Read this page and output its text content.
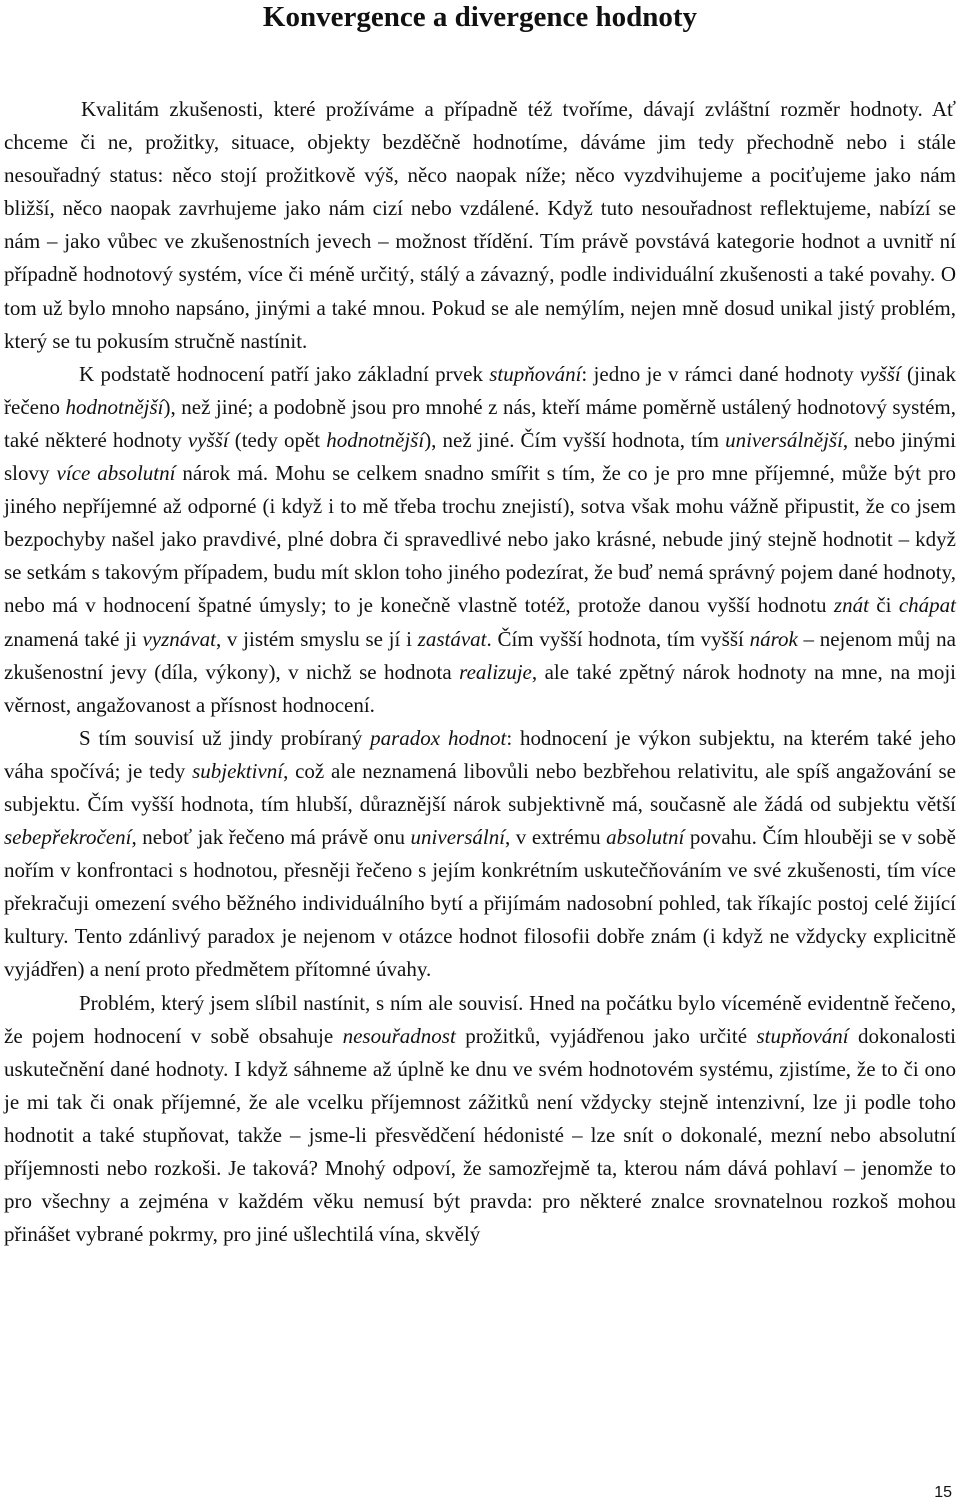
Konvergence a divergence hodnoty

Kvalitám zkušenosti, které prožíváme a případně též tvoříme, dávají zvláštní rozměr hodnoty. Ať chceme či ne, prožitky, situace, objekty bezděčně hodnotíme, dáváme jim tedy přechodně nebo i stále nesouřadný status: něco stojí prožitkově výš, něco naopak níže; něco vyzdvihujeme a pociťujeme jako nám bližší, něco naopak zavrhujeme jako nám cizí nebo vzdálené. Když tuto nesouřadnost reflektujeme, nabízí se nám – jako vůbec ve zkušenostních jevech – možnost třídění. Tím právě povstává kategorie hodnot a uvnitř ní případně hodnotový systém, více či méně určitý, stálý a závazný, podle individuální zkušenosti a také povahy. O tom už bylo mnoho napsáno, jinými a také mnou. Pokud se ale nemýlím, nejen mně dosud unikal jistý problém, který se tu pokusím stručně nastínit.

K podstatě hodnocení patří jako základní prvek stupňování: jedno je v rámci dané hodnoty vyšší (jinak řečeno hodnotnější), než jiné; a podobně jsou pro mnohé z nás, kteří máme poměrně ustálený hodnotový systém, také některé hodnoty vyšší (tedy opět hodnotnější), než jiné. Čím vyšší hodnota, tím universálnější, nebo jinými slovy více absolutní nárok má. Mohu se celkem snadno smířit s tím, že co je pro mne příjemné, může být pro jiného nepříjemné až odporné (i když i to mě třeba trochu znejistí), sotva však mohu vážně připustit, že co jsem bezpochyby našel jako pravdivé, plné dobra či spravedlivé nebo jako krásné, nebude jiný stejně hodnotit – když se setkám s takovým případem, budu mít sklon toho jiného podezírat, že buď nemá správný pojem dané hodnoty, nebo má v hodnocení špatné úmysly; to je konečně vlastně totéž, protože danou vyšší hodnotu znát či chápat znamená také ji vyznávat, v jistém smyslu se jí i zastávat. Čím vyšší hodnota, tím vyšší nárok – nejenom můj na zkušenostní jevy (díla, výkony), v nichž se hodnota realizuje, ale také zpětný nárok hodnoty na mne, na moji věrnost, angažovanost a přísnost hodnocení.

S tím souvisí už jindy probíraný paradox hodnot: hodnocení je výkon subjektu, na kterém také jeho váha spočívá; je tedy subjektivní, což ale neznamená libovůli nebo bezbřehou relativitu, ale spíš angažování se subjektu. Čím vyšší hodnota, tím hlubší, důraznější nárok subjektivně má, současně ale žádá od subjektu větší sebepřekročení, neboť jak řečeno má právě onu universální, v extrému absolutní povahu. Čím hlouběji se v sobě nořím v konfrontaci s hodnotou, přesněji řečeno s jejím konkrétním uskutečňováním ve své zkušenosti, tím více překračuji omezení svého běžného individuálního bytí a přijímám nadosobní pohled, tak říkajíc postoj celé žijící kultury. Tento zdánlivý paradox je nejenom v otázce hodnot filosofii dobře znám (i když ne vždycky explicitně vyjádřen) a není proto předmětem přítomné úvahy.

Problém, který jsem slíbil nastínit, s ním ale souvisí. Hned na počátku bylo víceméně evidentně řečeno, že pojem hodnocení v sobě obsahuje nesouřadnost prožitků, vyjádřenou jako určité stupňování dokonalosti uskutečnění dané hodnoty. I když sáhneme až úplně ke dnu ve svém hodnotovém systému, zjistíme, že to či ono je mi tak či onak příjemné, že ale vcelku příjemnost zážitků není vždycky stejně intenzivní, lze ji podle toho hodnotit a také stupňovat, takže – jsme-li přesvědčení hédonisté – lze snít o dokonalé, mezní nebo absolutní příjemnosti nebo rozkoši. Je taková? Mnohý odpoví, že samozřejmě ta, kterou nám dává pohlaví – jenomže to pro všechny a zejména v každém věku nemusí být pravda: pro některé znalce srovnatelnou rozkoš mohou přinášet vybrané pokrmy, pro jiné ušlechtilá vína, skvělý

15
